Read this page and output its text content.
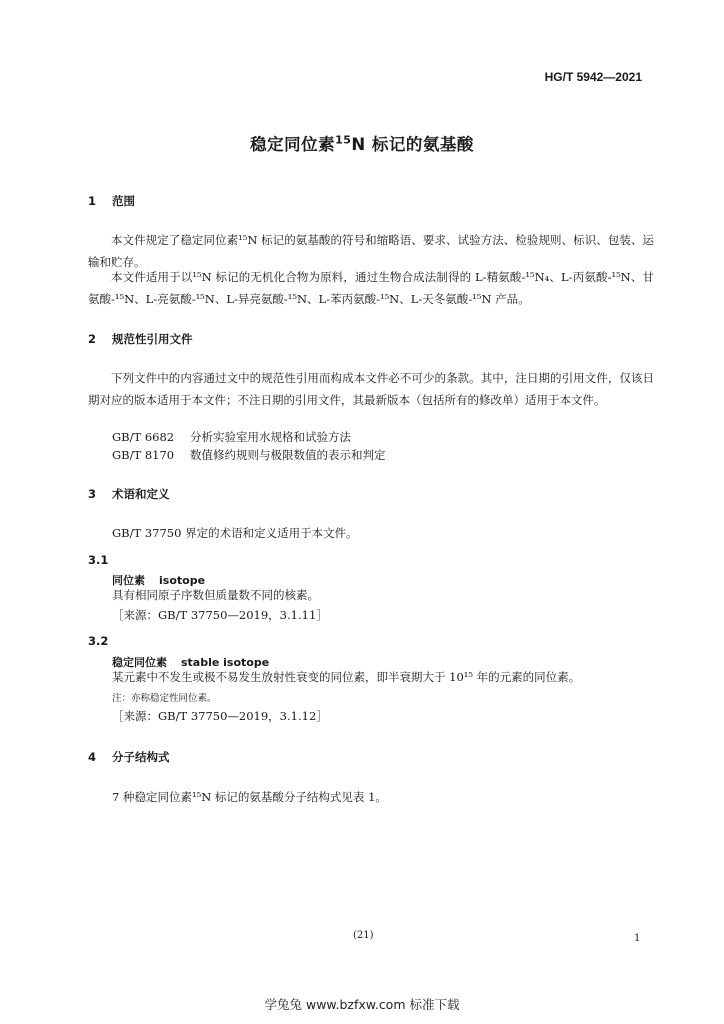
HG/T 5942—2021
稳定同位素$^{15}$N 标记的氨基酸
1 范围
本文件规定了稳定同位素¹⁵N 标记的氨基酸的符号和缩略语、要求、试验方法、检验规则、标识、包装、运输和贮存。
本文件适用于以¹⁵N 标记的无机化合物为原料，通过生物合成法制得的 L-精氨酸-¹⁵N₄、L-丙氨酸-¹⁵N、甘氨酸-¹⁵N、L-亮氨酸-¹⁵N、L-异亮氨酸-¹⁵N、L-苯丙氨酸-¹⁵N、L-天冬氨酸-¹⁵N 产品。
2 规范性引用文件
下列文件中的内容通过文中的规范性引用而构成本文件必不可少的条款。其中，注日期的引用文件，仅该日期对应的版本适用于本文件；不注日期的引用文件，其最新版本（包括所有的修改单）适用于本文件。
GB/T 6682 分析实验室用水规格和试验方法
GB/T 8170 数值修约规则与极限数值的表示和判定
3 术语和定义
GB/T 37750 界定的术语和定义适用于本文件。
3.1
同位素 isotope
具有相同原子序数但质量数不同的核素。
［来源：GB/T 37750—2019，3.1.11］
3.2
稳定同位素 stable isotope
某元素中不发生或极不易发生放射性衰变的同位素，即半衰期大于 10¹⁵ 年的元素的同位素。
注：亦称稳定性同位素。
［来源：GB/T 37750—2019，3.1.12］
4 分子结构式
7 种稳定同位素¹⁵N 标记的氨基酸分子结构式见表 1。
(21)	1
学兔兔 www.bzfxw.com 标准下载
